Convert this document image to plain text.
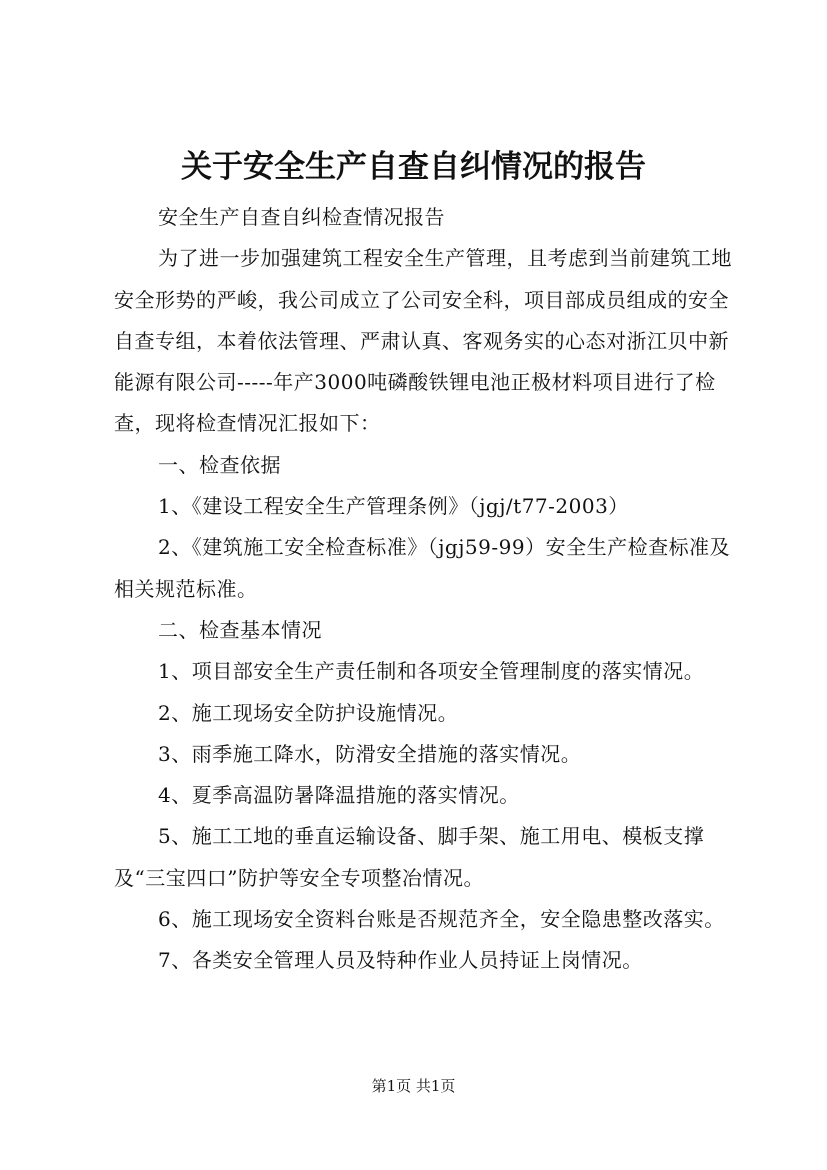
关于安全生产自查自纠情况的报告

安全生产自查自纠检查情况报告

为了进一步加强建筑工程安全生产管理，且考虑到当前建筑工地安全形势的严峻，我公司成立了公司安全科，项目部成员组成的安全自查专组，本着依法管理、严肃认真、客观务实的心态对浙江贝中新能源有限公司-----年产3000吨磷酸铁锂电池正极材料项目进行了检查，现将检查情况汇报如下：

一、检查依据

1、《建设工程安全生产管理条例》（jgj/t77-2003）

2、《建筑施工安全检查标准》（jgj59-99）安全生产检查标准及相关规范标准。

二、检查基本情况

1、项目部安全生产责任制和各项安全管理制度的落实情况。

2、施工现场安全防护设施情况。

3、雨季施工降水，防滑安全措施的落实情况。

4、夏季高温防暑降温措施的落实情况。

5、施工工地的垂直运输设备、脚手架、施工用电、模板支撑及“三宝四口”防护等安全专项整冶情况。

6、施工现场安全资料台账是否规范齐全，安全隐患整改落实。

7、各类安全管理人员及特种作业人员持证上岗情况。

第1页 共1页
